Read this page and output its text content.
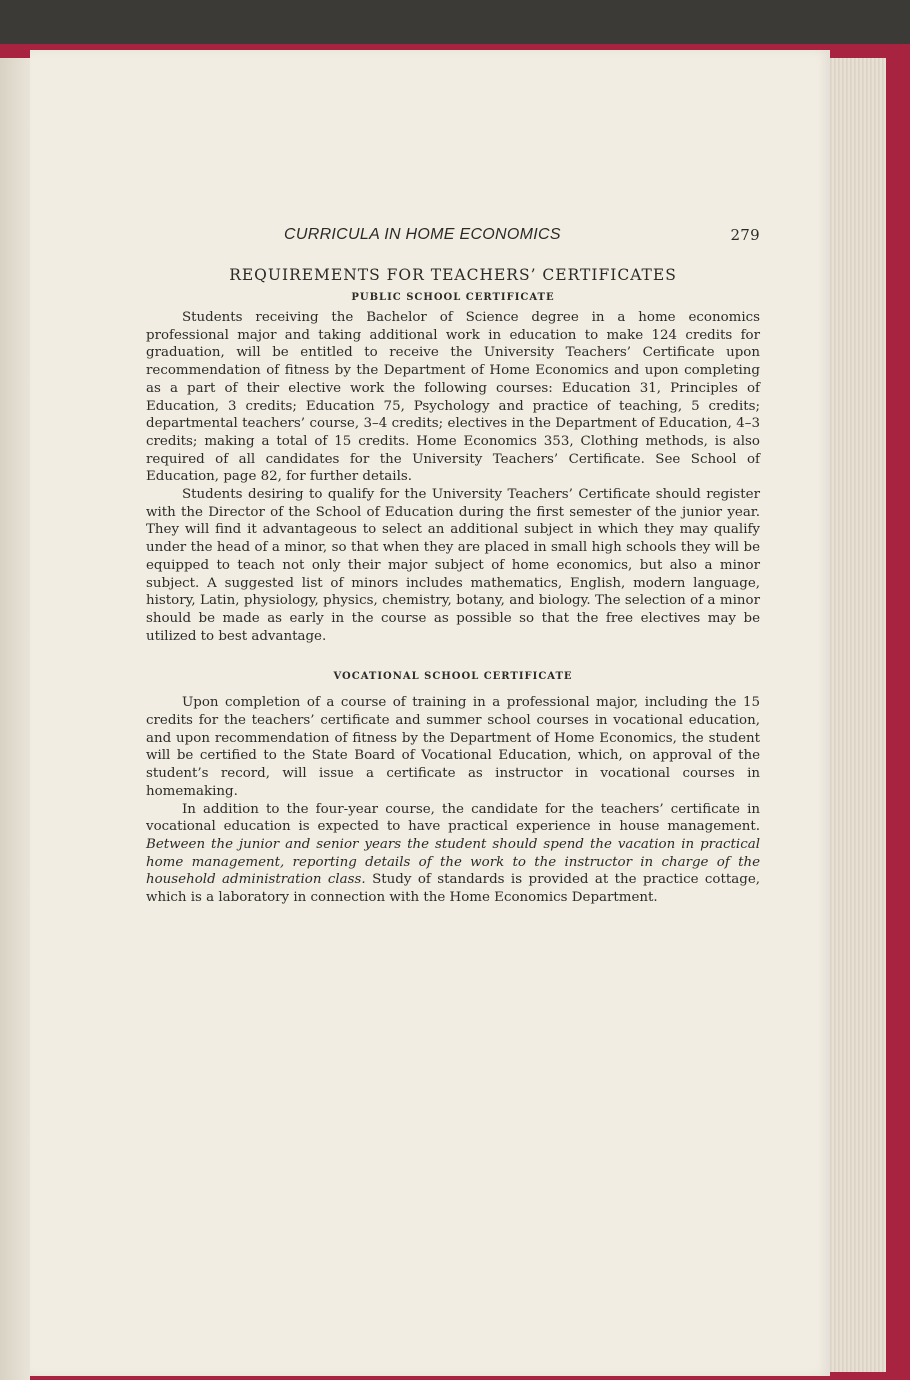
CURRICULA IN HOME ECONOMICS	279
REQUIREMENTS FOR TEACHERS’ CERTIFICATES
PUBLIC SCHOOL CERTIFICATE

Students receiving the Bachelor of Science degree in a home economics professional major and taking additional work in education to make 124 credits for graduation, will be entitled to receive the University Teachers’ Certificate upon recommendation of fitness by the Department of Home Economics and upon completing as a part of their elective work the following courses: Education 31, Principles of Education, 3 credits; Education 75, Psychology and practice of teaching, 5 credits; departmental teachers’ course, 3–4 credits; electives in the Department of Education, 4–3 credits; making a total of 15 credits. Home Economics 353, Clothing methods, is also required of all candidates for the University Teachers’ Certificate. See School of Education, page 82, for further details.

Students desiring to qualify for the University Teachers’ Certificate should register with the Director of the School of Education during the first semester of the junior year. They will find it advantageous to select an additional subject in which they may qualify under the head of a minor, so that when they are placed in small high schools they will be equipped to teach not only their major subject of home economics, but also a minor subject. A suggested list of minors includes mathematics, English, modern language, history, Latin, physiology, physics, chemistry, botany, and biology. The selection of a minor should be made as early in the course as possible so that the free electives may be utilized to best advantage.

VOCATIONAL SCHOOL CERTIFICATE

Upon completion of a course of training in a professional major, including the 15 credits for the teachers’ certificate and summer school courses in vocational education, and upon recommendation of fitness by the Department of Home Economics, the student will be certified to the State Board of Vocational Education, which, on approval of the student’s record, will issue a certificate as instructor in vocational courses in homemaking.

In addition to the four-year course, the candidate for the teachers’ certificate in vocational education is expected to have practical experience in house management. Between the junior and senior years the student should spend the vacation in practical home management, reporting details of the work to the instructor in charge of the household administration class. Study of standards is provided at the practice cottage, which is a laboratory in connection with the Home Economics Department.
